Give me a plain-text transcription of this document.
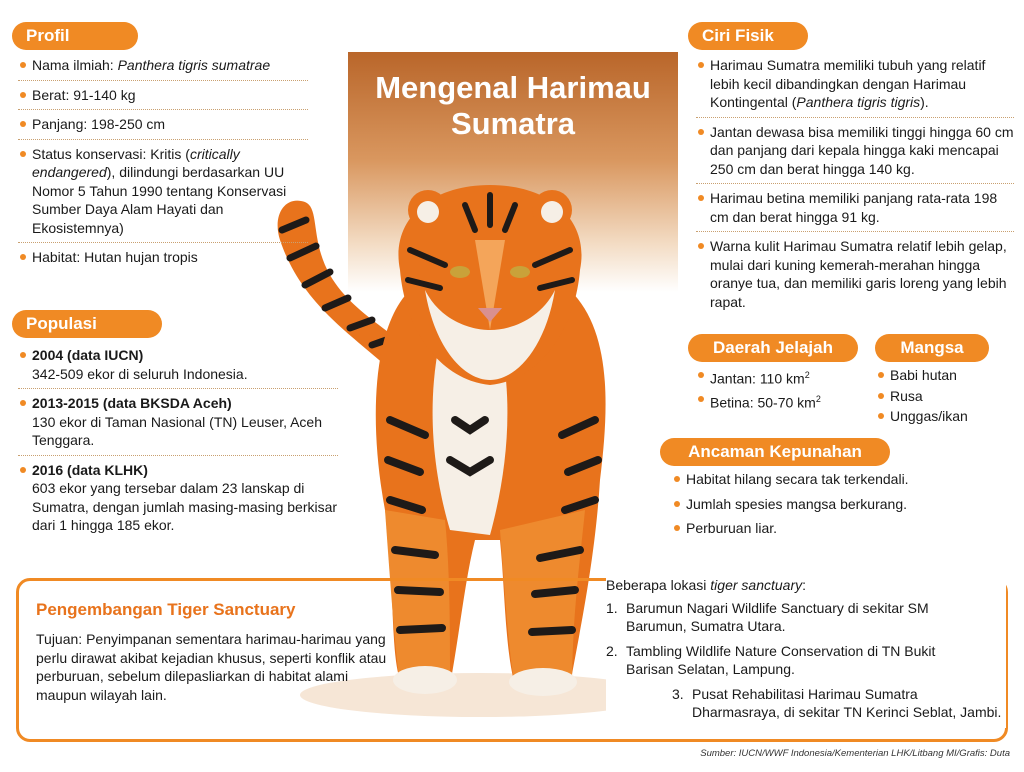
Mengenal Harimau Sumatra
Profil
Nama ilmiah: Panthera tigris sumatrae
Berat: 91-140 kg
Panjang: 198-250 cm
Status konservasi: Kritis (critically endangered), dilindungi berdasarkan UU Nomor 5 Tahun 1990 tentang Konservasi Sumber Daya Alam Hayati dan Ekosistemnya)
Habitat: Hutan hujan tropis
Populasi
2004 (data IUCN)
342-509 ekor di seluruh Indonesia.
2013-2015 (data BKSDA Aceh)
130 ekor di Taman Nasional (TN) Leuser, Aceh Tenggara.
2016 (data KLHK)
603 ekor yang tersebar dalam 23 lanskap di Sumatra, dengan jumlah masing-masing berkisar dari 1 hingga 185 ekor.
Ciri Fisik
Harimau Sumatra memiliki tubuh yang relatif lebih kecil dibandingkan dengan Harimau Kontingental (Panthera tigris tigris).
Jantan dewasa bisa memiliki tinggi hingga 60 cm dan panjang dari kepala hingga kaki mencapai 250 cm dan berat hingga 140 kg.
Harimau betina memiliki panjang rata-rata 198 cm dan berat hingga 91 kg.
Warna kulit Harimau Sumatra relatif lebih gelap, mulai dari kuning kemerah-merahan hingga oranye tua, dan memiliki garis loreng yang lebih rapat.
Daerah Jelajah
Jantan: 110 $km^2$
Betina: 50-70 $km^2$
Mangsa
Babi hutan
Rusa
Unggas/ikan
Ancaman Kepunahan
Habitat hilang secara tak terkendali.
Jumlah spesies mangsa berkurang.
Perburuan liar.
Pengembangan Tiger Sanctuary
Tujuan: Penyimpanan sementara harimau-harimau yang perlu dirawat akibat kejadian khusus, seperti konflik atau perburuan, sebelum dilepasliarkan di habitat alami maupun wilayah lain.
Beberapa lokasi tiger sanctuary:
1. Barumun Nagari Wildlife Sanctuary di sekitar SM Barumun, Sumatra Utara.
2. Tambling Wildlife Nature Conservation di TN Bukit Barisan Selatan, Lampung.
3. Pusat Rehabilitasi Harimau Sumatra Dharmasraya, di sekitar TN Kerinci Seblat, Jambi.
Sumber: IUCN/WWF Indonesia/Kementerian LHK/Litbang MI/Grafis: Duta
